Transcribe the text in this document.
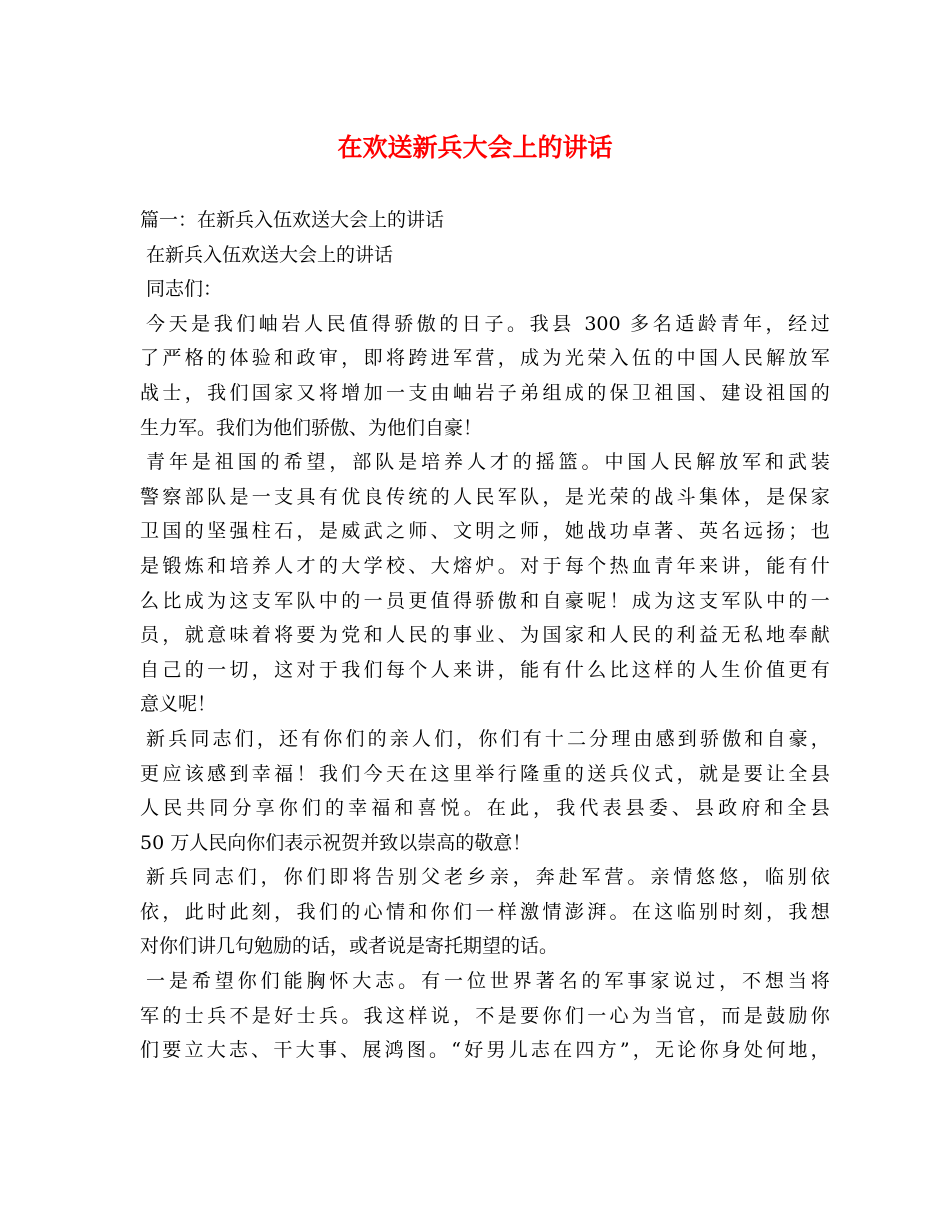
在欢送新兵大会上的讲话
篇一：在新兵入伍欢送大会上的讲话
在新兵入伍欢送大会上的讲话
同志们：
今 天 是 我 们 岫 岩 人 民 值 得 骄 傲 的 日 子 。 我 县
300 多 名 适 龄 青 年 ， 经 过
了 严 格 的 体 验 和 政 审 ， 即 将 跨 进 军 营 ， 成 为 光 荣 入 伍 的 中 国 人 民 解 放 军
战 士 ， 我 们 国 家 又 将 增 加 一 支 由 岫 岩 子 弟 组 成 的 保 卫 祖 国 、 建 设 祖 国 的
生力军。我们为他们骄傲、为他们自豪！
青 年 是 祖 国 的 希 望 ， 部 队 是 培 养 人 才 的 摇 篮 。 中 国 人 民 解 放 军 和 武 装
警 察 部 队 是 一 支 具 有 优 良 传 统 的 人 民 军 队 ， 是 光 荣 的 战 斗 集 体 ， 是 保 家
卫 国 的 坚 强 柱 石 ， 是 威 武 之 师 、 文 明 之 师 ， 她 战 功 卓 著 、 英 名 远 扬 ； 也
是 锻 炼 和 培 养 人 才 的 大 学 校 、 大 熔 炉 。 对 于 每 个 热 血 青 年 来 讲 ， 能 有 什
么 比 成 为 这 支 军 队 中 的 一 员 更 值 得 骄 傲 和 自 豪 呢 ！ 成 为 这 支 军 队 中 的 一
员 ， 就 意 味 着 将 要 为 党 和 人 民 的 事 业 、 为 国 家 和 人 民 的 利 益 无 私 地 奉 献
自 己 的 一 切 ， 这 对 于 我 们 每 个 人 来 讲 ， 能 有 什 么 比 这 样 的 人 生 价 值 更 有
意义呢！
新 兵 同 志 们 ， 还 有 你 们 的 亲 人 们 ， 你 们 有 十 二 分 理 由 感 到 骄 傲 和 自 豪 ，
更 应 该 感 到 幸 福 ！ 我 们 今 天 在 这 里 举 行 隆 重 的 送 兵 仪 式 ， 就 是 要 让 全 县
人 民 共 同 分 享 你 们 的 幸 福 和 喜 悦 。 在 此 ， 我 代 表 县 委 、 县 政 府 和 全 县
50 万人民向你们表示祝贺并致以崇高的敬意！
新 兵 同 志 们 ， 你 们 即 将 告 别 父 老 乡 亲 ， 奔 赴 军 营 。 亲 情 悠 悠 ， 临 别 依
依 ， 此 时 此 刻 ， 我 们 的 心 情 和 你 们 一 样 激 情 澎 湃 。 在 这 临 别 时 刻 ， 我 想
对你们讲几句勉励的话，或者说是寄托期望的话。
一 是 希 望 你 们 能 胸 怀 大 志 。 有 一 位 世 界 著 名 的 军 事 家 说 过 ， 不 想 当 将
军 的 士 兵 不 是 好 士 兵 。 我 这 样 说 ， 不 是 要 你 们 一 心 为 当 官 ， 而 是 鼓 励 你
们 要 立 大 志 、 干 大 事 、 展 鸿 图 。 “ 好 男 儿 志 在 四 方 ” ， 无 论 你 身 处 何 地 ，
